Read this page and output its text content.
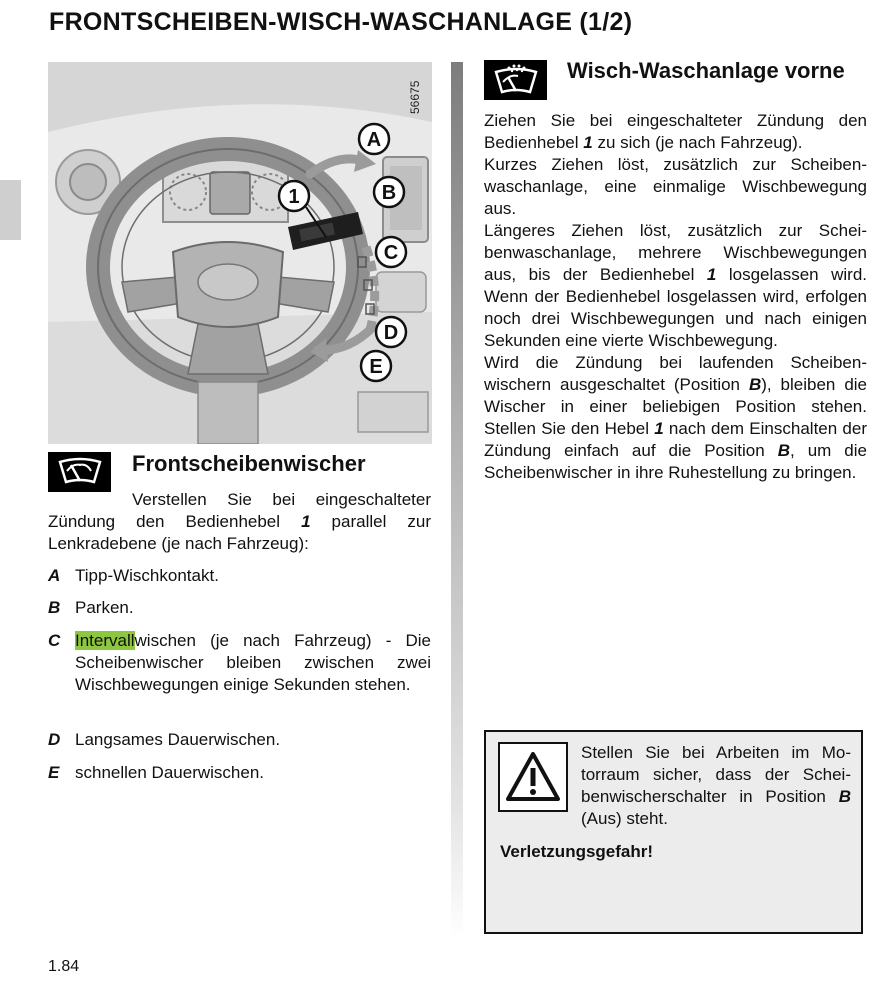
FRONTSCHEIBEN-WISCH-WASCHANLAGE (1/2)
A
1	B
C
D
E
56675
Frontscheibenwischer

Verstellen Sie bei eingeschalteter Zündung den Bedienhebel 1 parallel zur Lenkradebene (je nach Fahrzeug):

A Tipp-Wischkontakt.
B Parken.
C Intervallwischen (je nach Fahrzeug) - Die Scheibenwischer bleiben zwischen zwei Wischbewegungen einige Sekunden stehen.
D Langsames Dauerwischen.
E schnellen Dauerwischen.
Wisch-Waschanlage vorne

Ziehen Sie bei eingeschalteter Zündung den Bedienhebel 1 zu sich (je nach Fahrzeug).

Kurzes Ziehen löst, zusätzlich zur Scheibenwaschanlage, eine einmalige Wischbewegung aus.

Längeres Ziehen löst, zusätzlich zur Scheibenwaschanlage, mehrere Wischbewegungen aus, bis der Bedienhebel 1 losgelassen wird. Wenn der Bedienhebel losgelassen wird, erfolgen noch drei Wischbewegungen und nach einigen Sekunden eine vierte Wischbewegung.

Wird die Zündung bei laufenden Scheibenwischern ausgeschaltet (Position B), bleiben die Wischer in einer beliebigen Position stehen. Stellen Sie den Hebel 1 nach dem Einschalten der Zündung einfach auf die Position B, um die Scheibenwischer in ihre Ruhestellung zu bringen.

Stellen Sie bei Arbeiten im Motorraum sicher, dass der Scheibenwischerschalter in Position B (Aus) steht.
Verletzungsgefahr!
1.84
